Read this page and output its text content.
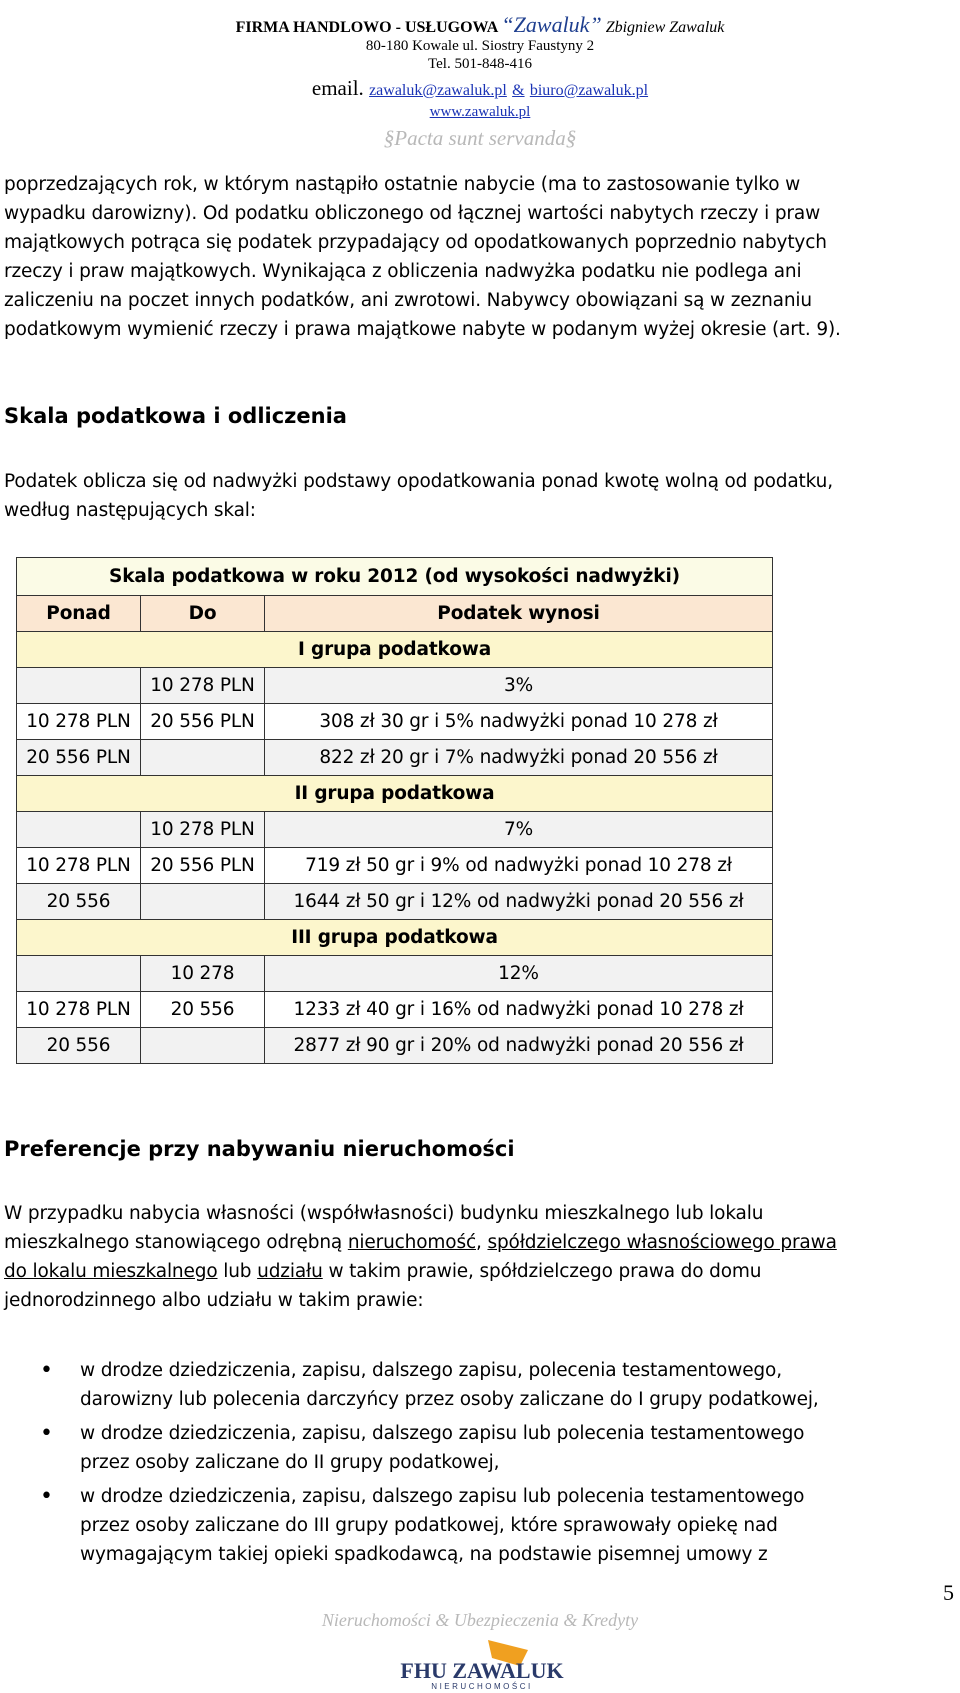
FIRMA HANDLOWO - USŁUGOWA “Zawaluk” Zbigniew Zawaluk
80-180 Kowale ul. Siostry Faustyny 2
Tel. 501-848-416
email. zawaluk@zawaluk.pl & biuro@zawaluk.pl
www.zawaluk.pl
§Pacta sunt servanda§
poprzedzających rok, w którym nastąpiło ostatnie nabycie (ma to zastosowanie tylko w
wypadku darowizny). Od podatku obliczonego od łącznej wartości nabytych rzeczy i praw
majątkowych potrąca się podatek przypadający od opodatkowanych poprzednio nabytych
rzeczy i praw majątkowych. Wynikająca z obliczenia nadwyżka podatku nie podlega ani
zaliczeniu na poczet innych podatków, ani zwrotowi. Nabywcy obowiązani są w zeznaniu
podatkowym wymienić rzeczy i prawa majątkowe nabyte w podanym wyżej okresie (art. 9).
Skala podatkowa i odliczenia
Podatek oblicza się od nadwyżki podstawy opodatkowania ponad kwotę wolną od podatku,
według następujących skal:
Skala podatkowa w roku 2012 (od wysokości nadwyżki)		
Ponad	Do	Podatek wynosi
I grupa podatkowa		
	10 278 PLN	3%
10 278 PLN	20 556 PLN	308 zł 30 gr i 5% nadwyżki ponad 10 278 zł
20 556 PLN		822 zł 20 gr i 7% nadwyżki ponad 20 556 zł
II grupa podatkowa		
	10 278 PLN	7%
10 278 PLN	20 556 PLN	719 zł 50 gr i 9% od nadwyżki ponad 10 278 zł
20 556		1644 zł 50 gr i 12% od nadwyżki ponad 20 556 zł
III grupa podatkowa		
	10 278	12%
10 278 PLN	20 556	1233 zł 40 gr i 16% od nadwyżki ponad 10 278 zł
20 556		2877 zł 90 gr i 20% od nadwyżki ponad 20 556 zł
Preferencje przy nabywaniu nieruchomości
W przypadku nabycia własności (współwłasności) budynku mieszkalnego lub lokalu
mieszkalnego stanowiącego odrębną nieruchomość, spółdzielczego własnościowego prawa
do lokalu mieszkalnego lub udziału w takim prawie, spółdzielczego prawa do domu
jednorodzinnego albo udziału w takim prawie:
• w drodze dziedziczenia, zapisu, dalszego zapisu, polecenia testamentowego,
darowizny lub polecenia darczyńcy przez osoby zaliczane do I grupy podatkowej,
• w drodze dziedziczenia, zapisu, dalszego zapisu lub polecenia testamentowego
przez osoby zaliczane do II grupy podatkowej,
• w drodze dziedziczenia, zapisu, dalszego zapisu lub polecenia testamentowego
przez osoby zaliczane do III grupy podatkowej, które sprawowały opiekę nad
wymagającym takiej opieki spadkodawcą, na podstawie pisemnej umowy z
5
Nieruchomości & Ubezpieczenia & Kredyty
FHU ZAWALUK
NIERUCHOMOŚCI
